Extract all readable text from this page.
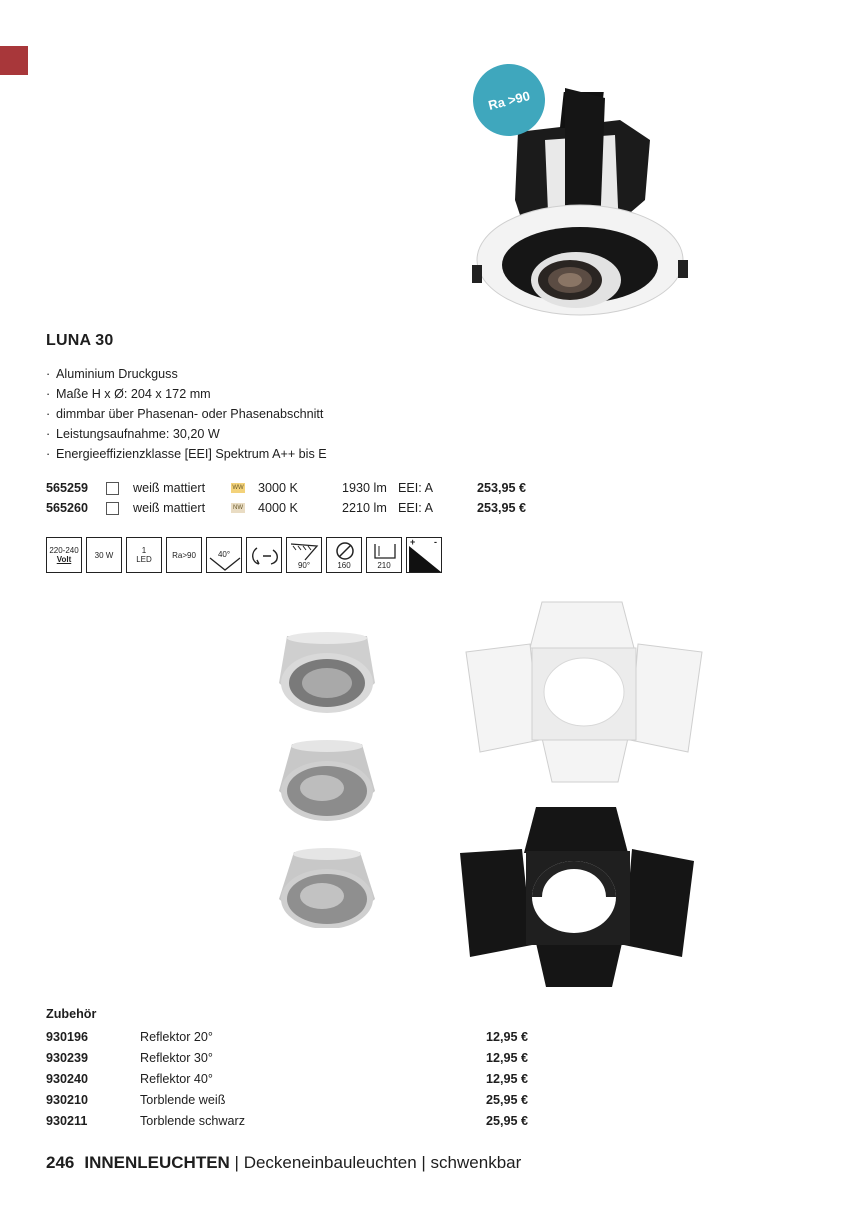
Ra >90
LUNA 30
· Aluminium Druckguss
· Maße H x Ø: 204 x 172 mm
· dimmbar über Phasenan- oder Phasenabschnitt
· Leistungsaufnahme: 30,20 W
· Energieeffizienzklasse [EEI] Spektrum A++ bis E
565259	weiß mattiert	WW 3000 K	1930 lm EEI: A	253,95 €
565260	weiß mattiert	NW 4000 K	2210 lm EEI: A	253,95 €
220-240
Volt	30 W	1
LED	Ra>90	40°
90°	160	210
+ -
Zubehör
930196	Reflektor 20°	12,95 €
930239	Reflektor 30°	12,95 €
930240	Reflektor 40°	12,95 €
930210	Torblende weiß	25,95 €
930211	Torblende schwarz	25,95 €
246 INNENLEUCHTEN | Deckeneinbauleuchten | schwenkbar
